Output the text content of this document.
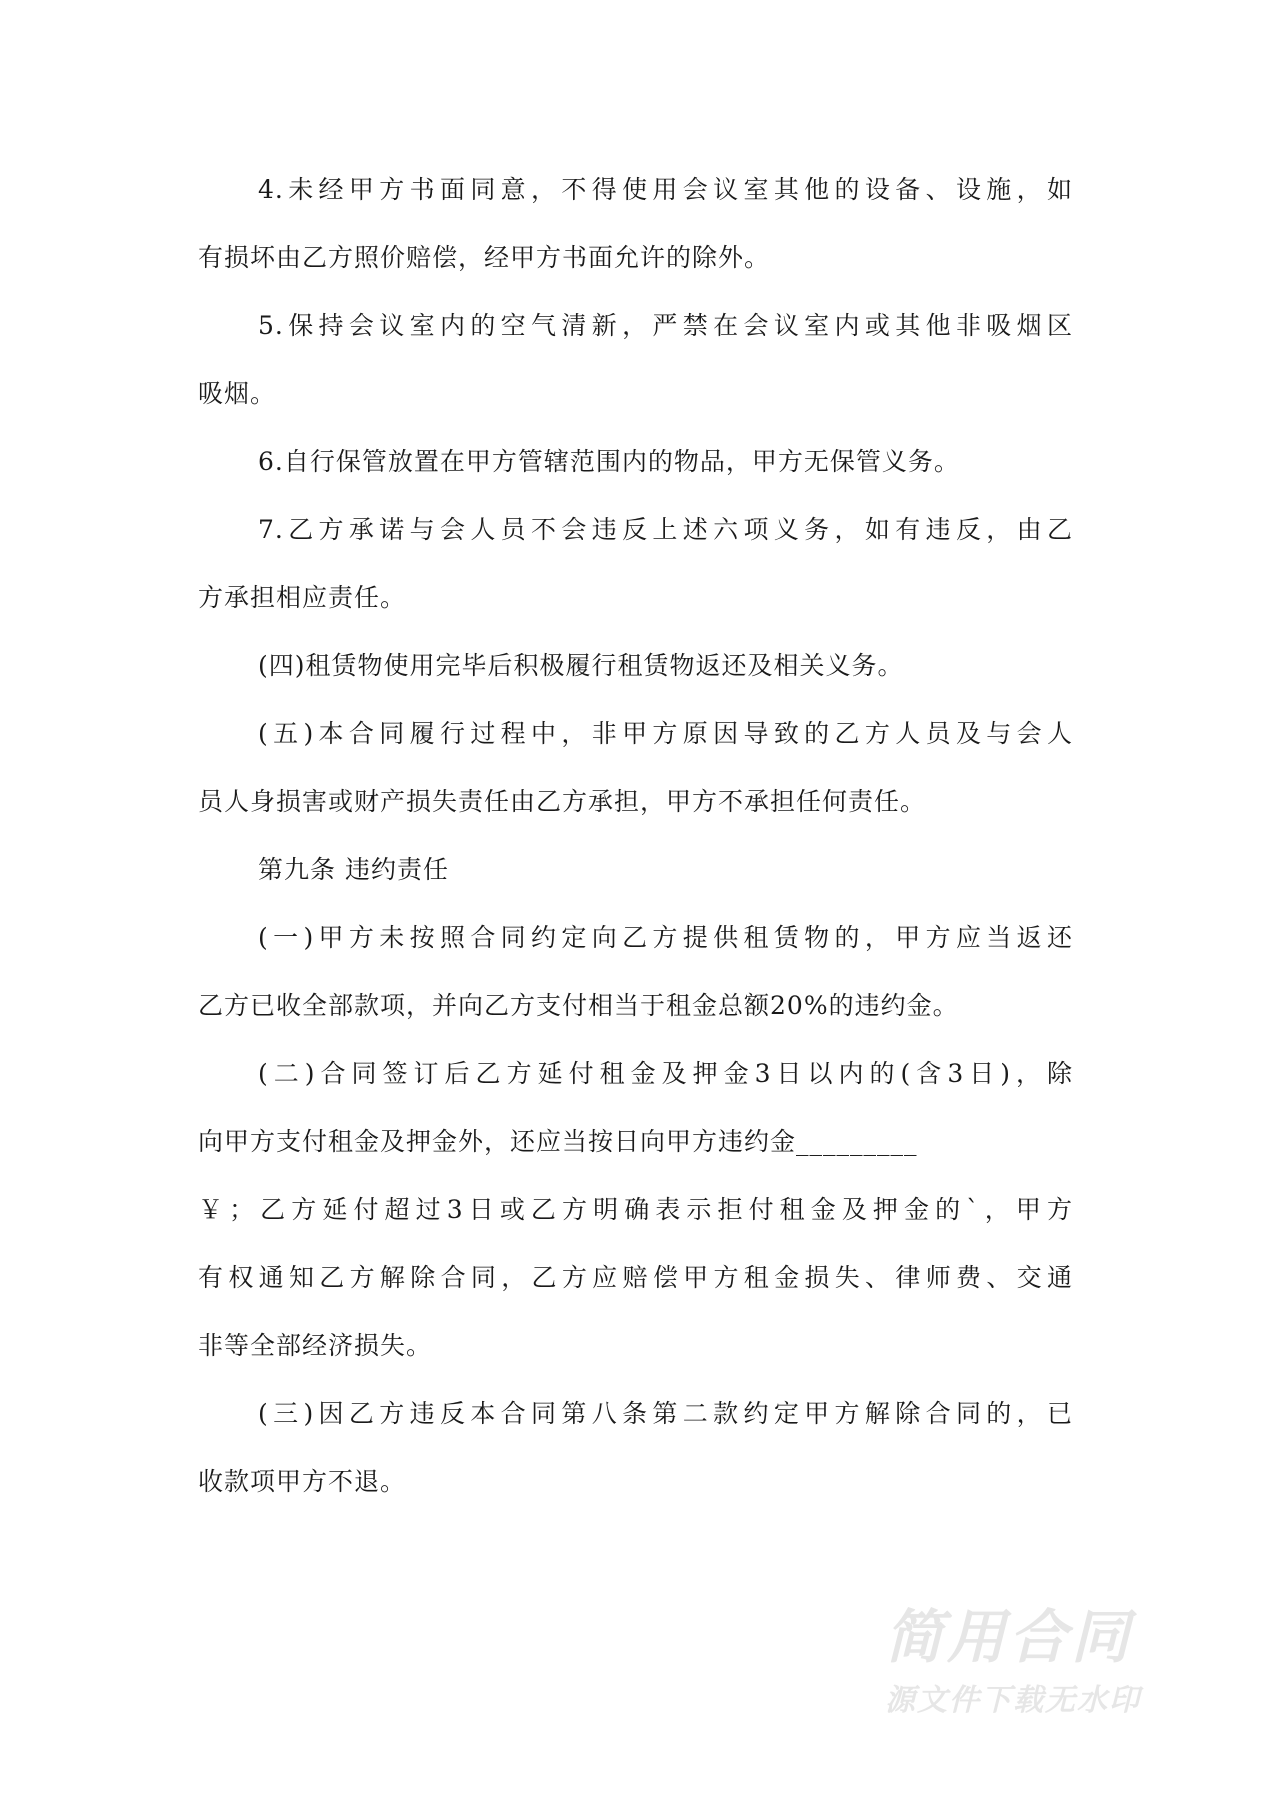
4.未经甲方书面同意，不得使用会议室其他的设备、设施，如
有损坏由乙方照价赔偿，经甲方书面允许的除外。
5.保持会议室内的空气清新，严禁在会议室内或其他非吸烟区
吸烟。
6.自行保管放置在甲方管辖范围内的物品，甲方无保管义务。
7.乙方承诺与会人员不会违反上述六项义务，如有违反，由乙
方承担相应责任。
(四)租赁物使用完毕后积极履行租赁物返还及相关义务。
(五)本合同履行过程中，非甲方原因导致的乙方人员及与会人
员人身损害或财产损失责任由乙方承担，甲方不承担任何责任。
第九条 违约责任
(一)甲方未按照合同约定向乙方提供租赁物的，甲方应当返还
乙方已收全部款项，并向乙方支付相当于租金总额20%的违约金。
(二)合同签订后乙方延付租金及押金3日以内的(含3日)，除
向甲方支付租金及押金外，还应当按日向甲方违约金_________
￥；乙方延付超过3日或乙方明确表示拒付租金及押金的`，甲方
有权通知乙方解除合同，乙方应赔偿甲方租金损失、律师费、交通
非等全部经济损失。
(三)因乙方违反本合同第八条第二款约定甲方解除合同的，已
收款项甲方不退。
简用合同
源文件下载无水印
